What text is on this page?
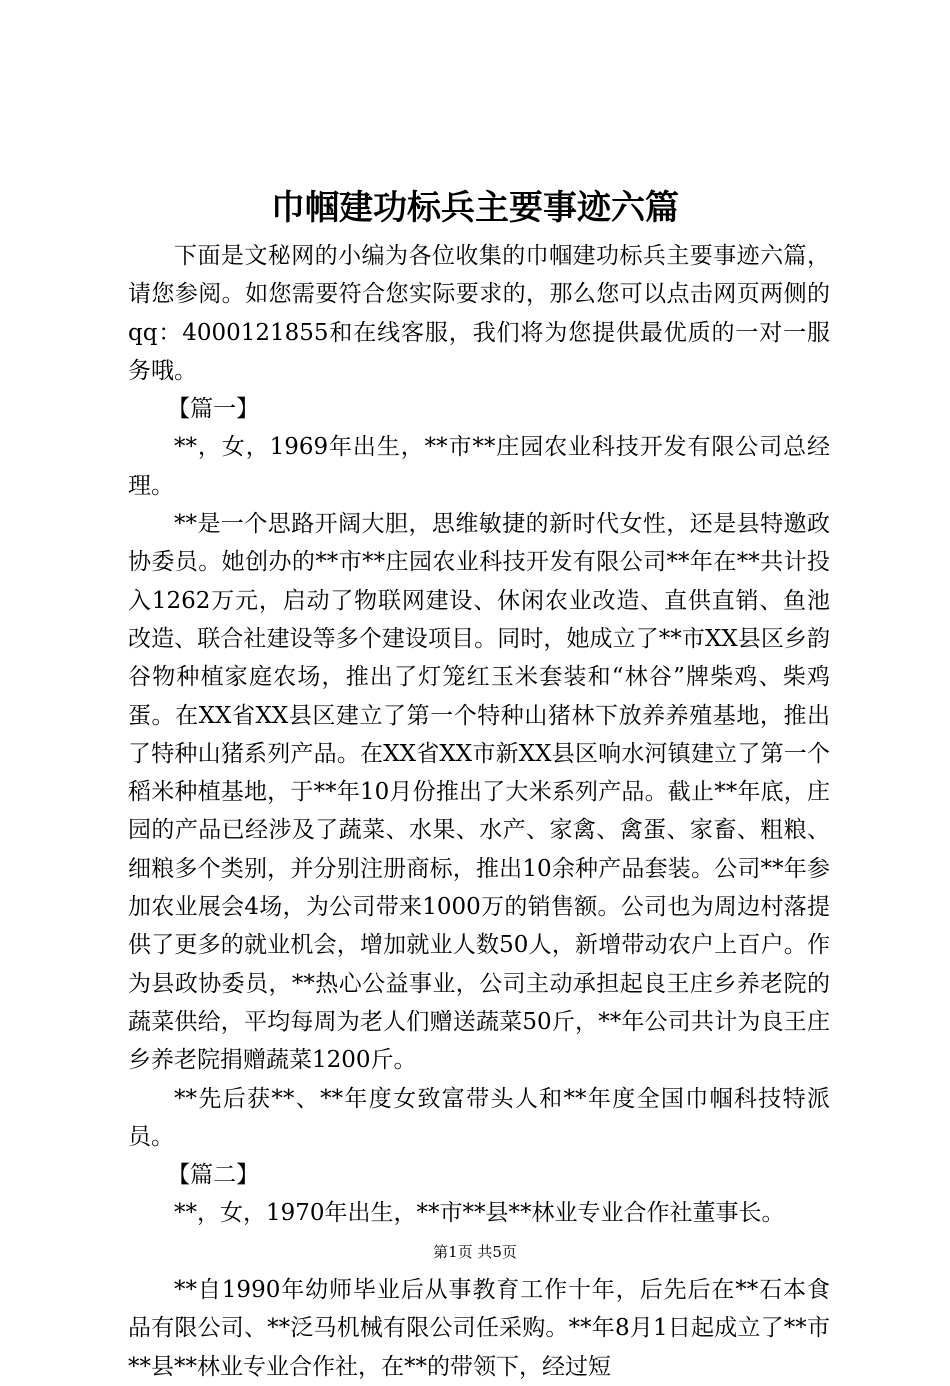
巾帼建功标兵主要事迹六篇

下面是文秘网的小编为各位收集的巾帼建功标兵主要事迹六篇，请您参阅。如您需要符合您实际要求的，那么您可以点击网页两侧的qq：4000121855和在线客服，我们将为您提供最优质的一对一服务哦。

【篇一】

**，女，1969年出生，**市**庄园农业科技开发有限公司总经理。

**是一个思路开阔大胆，思维敏捷的新时代女性，还是县特邀政协委员。她创办的**市**庄园农业科技开发有限公司**年在**共计投入1262万元，启动了物联网建设、休闲农业改造、直供直销、鱼池改造、联合社建设等多个建设项目。同时，她成立了**市XX县区乡韵谷物种植家庭农场，推出了灯笼红玉米套装和“林谷”牌柴鸡、柴鸡蛋。在XX省XX县区建立了第一个特种山猪林下放养养殖基地，推出了特种山猪系列产品。在XX省XX市新XX县区响水河镇建立了第一个稻米种植基地，于**年10月份推出了大米系列产品。截止**年底，庄园的产品已经涉及了蔬菜、水果、水产、家禽、禽蛋、家畜、粗粮、细粮多个类别，并分别注册商标，推出10余种产品套装。公司**年参加农业展会4场，为公司带来1000万的销售额。公司也为周边村落提供了更多的就业机会，增加就业人数50人，新增带动农户上百户。作为县政协委员，**热心公益事业，公司主动承担起良王庄乡养老院的蔬菜供给，平均每周为老人们赠送蔬菜50斤，**年公司共计为良王庄乡养老院捐赠蔬菜1200斤。

**先后获**、**年度女致富带头人和**年度全国巾帼科技特派员。

【篇二】

**，女，1970年出生，**市**县**林业专业合作社董事长。

**自1990年幼师毕业后从事教育工作十年，后先后在**石本食品有限公司、**泛马机械有限公司任采购。**年8月1日起成立了**市**县**林业专业合作社，在**的带领下，经过短

第1页 共5页
